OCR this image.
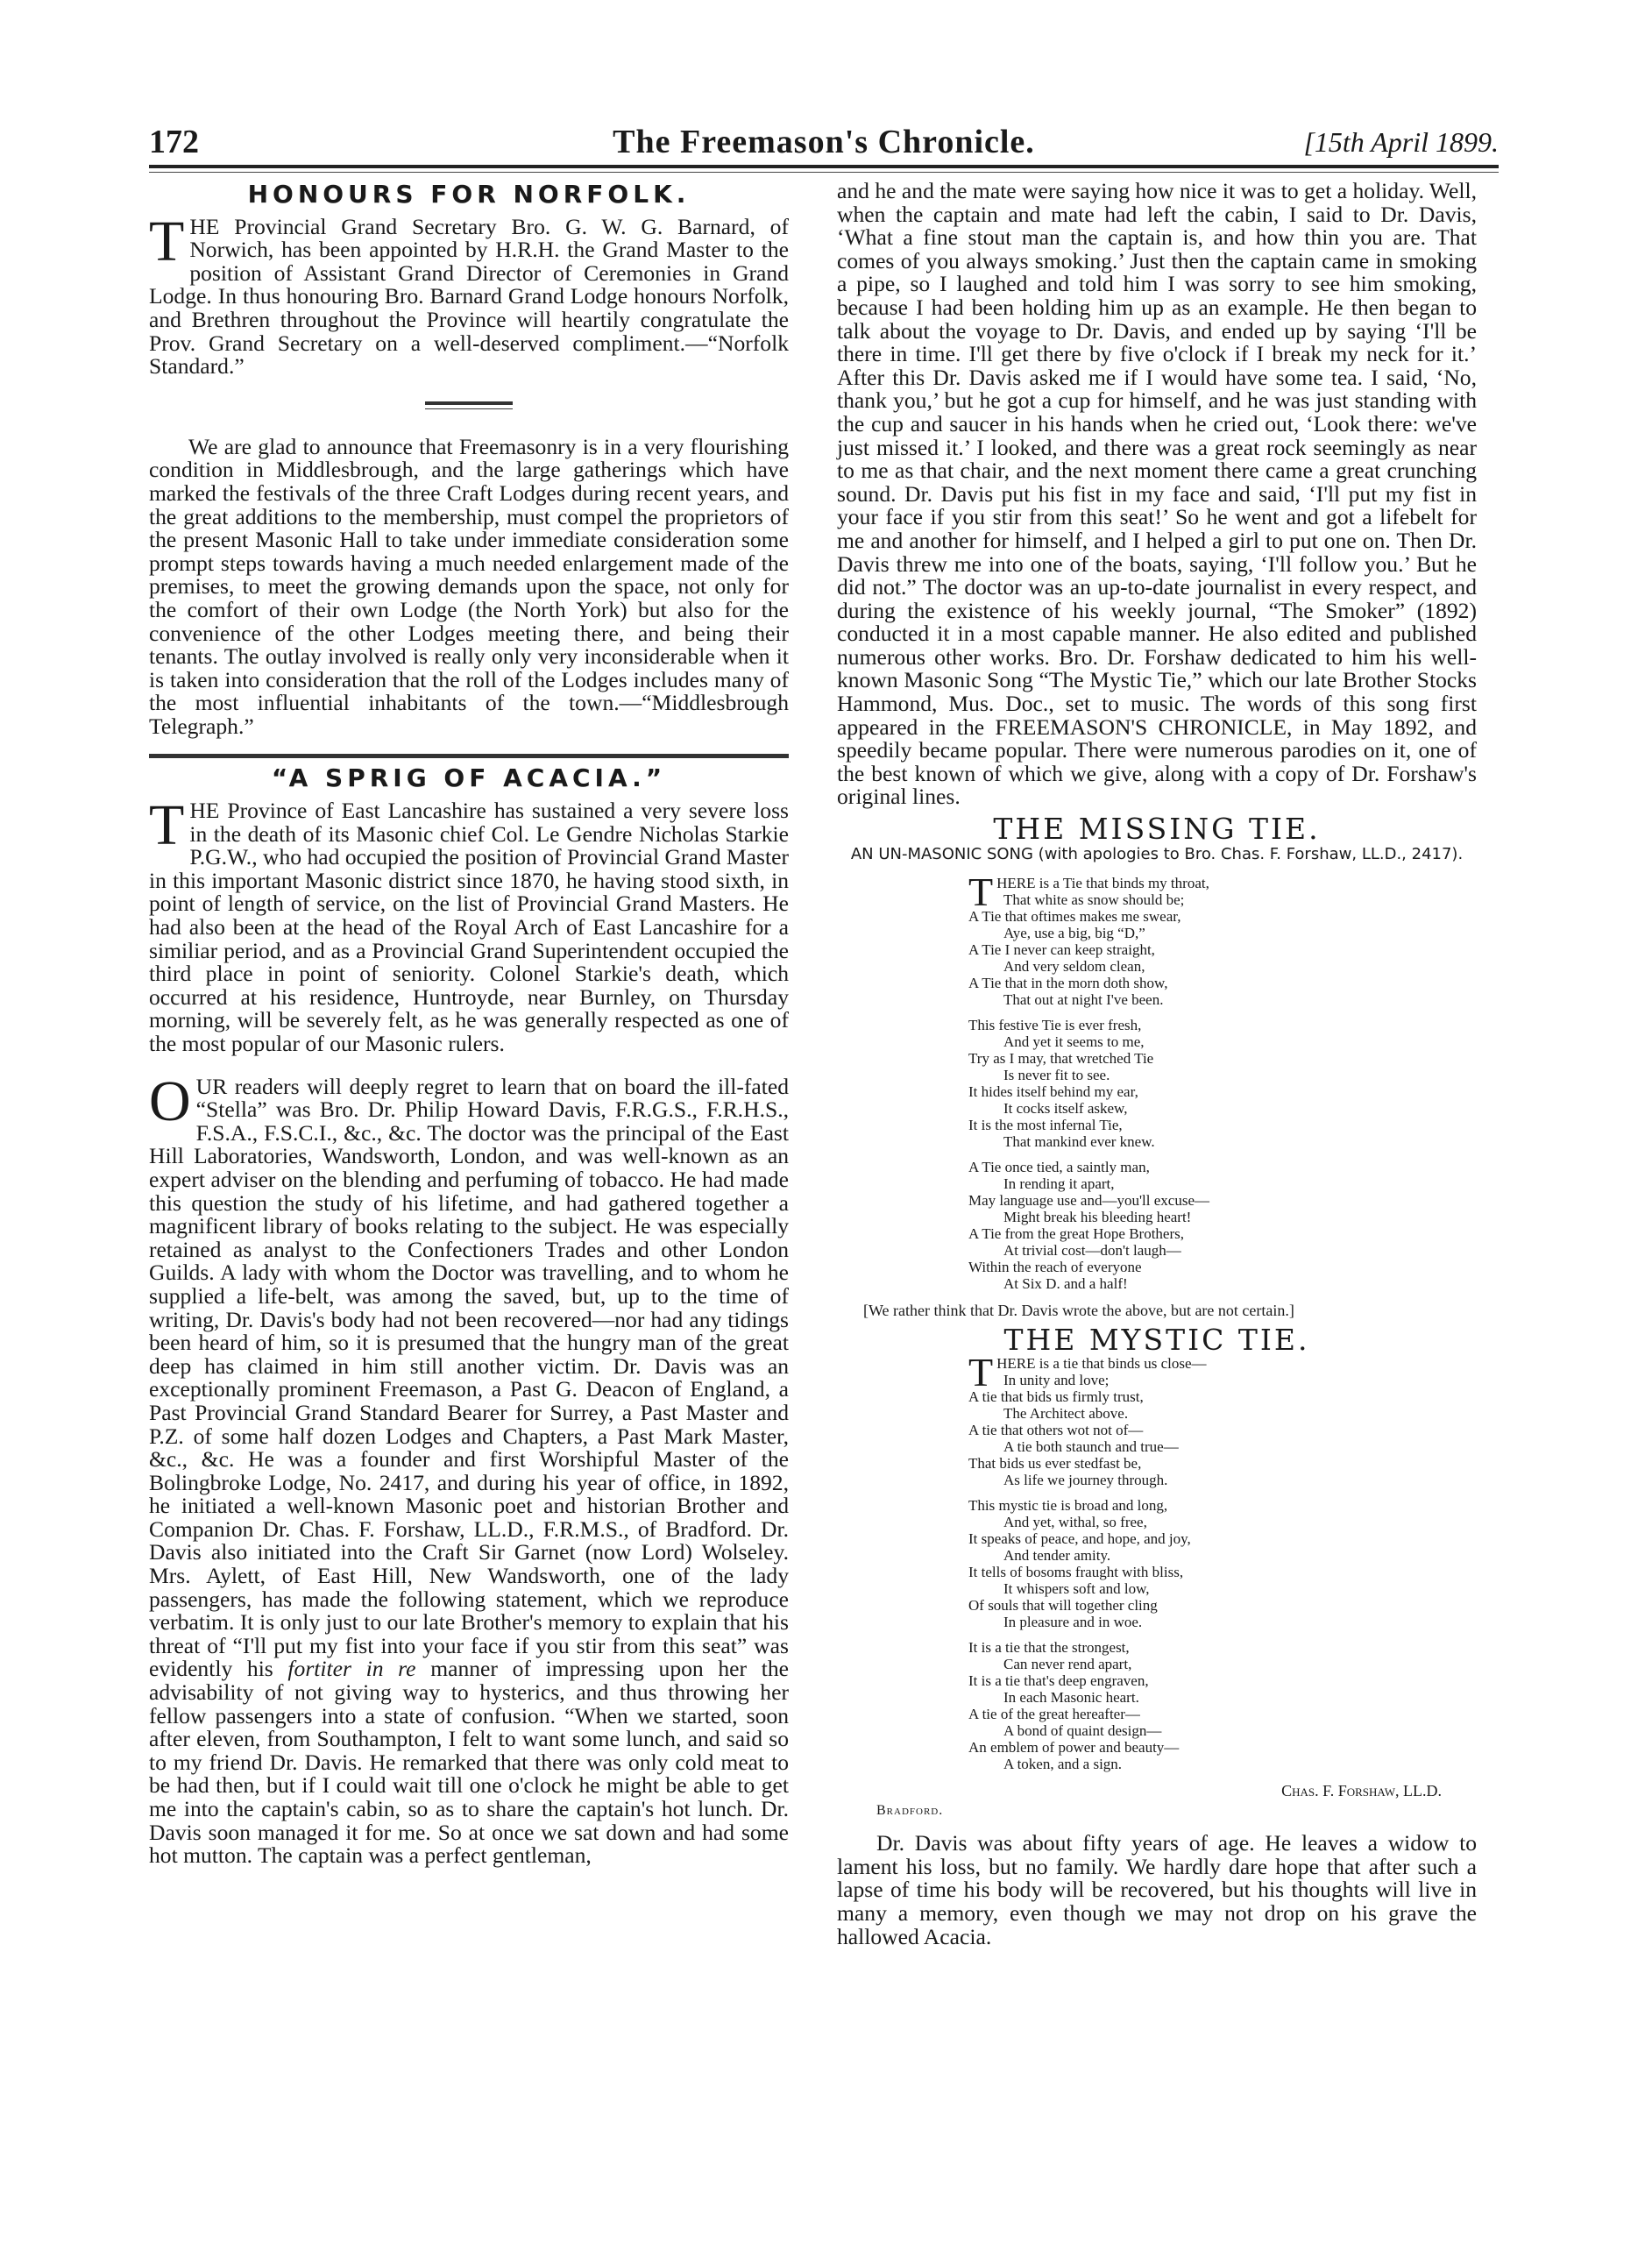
172	The Freemason's Chronicle.	[15th April 1899.
HONOURS FOR NORFOLK.

THE Provincial Grand Secretary Bro. G. W. G. Barnard, of Norwich, has been appointed by H.R.H. the Grand Master to the position of Assistant Grand Director of Ceremonies in Grand Lodge. In thus honouring Bro. Barnard Grand Lodge honours Norfolk, and Brethren throughout the Province will heartily congratulate the Prov. Grand Secretary on a well-deserved compliment.—“Norfolk Standard.”

We are glad to announce that Freemasonry is in a very flourishing condition in Middlesbrough, and the large gatherings which have marked the festivals of the three Craft Lodges during recent years, and the great additions to the membership, must compel the proprietors of the present Masonic Hall to take under immediate consideration some prompt steps towards having a much needed enlargement made of the premises, to meet the growing demands upon the space, not only for the comfort of their own Lodge (the North York) but also for the convenience of the other Lodges meeting there, and being their tenants. The outlay involved is really only very inconsiderable when it is taken into consideration that the roll of the Lodges includes many of the most influential inhabitants of the town.—“Middlesbrough Telegraph.”

“A SPRIG OF ACACIA.”

THE Province of East Lancashire has sustained a very severe loss in the death of its Masonic chief Col. Le Gendre Nicholas Starkie P.G.W., who had occupied the position of Provincial Grand Master in this important Masonic district since 1870, he having stood sixth, in point of length of service, on the list of Provincial Grand Masters. He had also been at the head of the Royal Arch of East Lancashire for a similiar period, and as a Provincial Grand Superintendent occupied the third place in point of seniority. Colonel Starkie's death, which occurred at his residence, Huntroyde, near Burnley, on Thursday morning, will be severely felt, as he was generally respected as one of the most popular of our Masonic rulers.

OUR readers will deeply regret to learn that on board the ill-fated “Stella” was Bro. Dr. Philip Howard Davis, F.R.G.S., F.R.H.S., F.S.A., F.S.C.I., &c., &c. The doctor was the principal of the East Hill Laboratories, Wandsworth, London, and was well-known as an expert adviser on the blending and perfuming of tobacco. He had made this question the study of his lifetime, and had gathered together a magnificent library of books relating to the subject. He was especially retained as analyst to the Confectioners Trades and other London Guilds. A lady with whom the Doctor was travelling, and to whom he supplied a life-belt, was among the saved, but, up to the time of writing, Dr. Davis's body had not been recovered—nor had any tidings been heard of him, so it is presumed that the hungry man of the great deep has claimed in him still another victim. Dr. Davis was an exceptionally prominent Freemason, a Past G. Deacon of England, a Past Provincial Grand Standard Bearer for Surrey, a Past Master and P.Z. of some half dozen Lodges and Chapters, a Past Mark Master, &c., &c. He was a founder and first Worshipful Master of the Bolingbroke Lodge, No. 2417, and during his year of office, in 1892, he initiated a well-known Masonic poet and historian Brother and Companion Dr. Chas. F. Forshaw, LL.D., F.R.M.S., of Bradford. Dr. Davis also initiated into the Craft Sir Garnet (now Lord) Wolseley. Mrs. Aylett, of East Hill, New Wandsworth, one of the lady passengers, has made the following statement, which we reproduce verbatim. It is only just to our late Brother's memory to explain that his threat of “I'll put my fist into your face if you stir from this seat” was evidently his fortiter in re manner of impressing upon her the advisability of not giving way to hysterics, and thus throwing her fellow passengers into a state of confusion. “When we started, soon after eleven, from Southampton, I felt to want some lunch, and said so to my friend Dr. Davis. He remarked that there was only cold meat to be had then, but if I could wait till one o'clock he might be able to get me into the captain's cabin, so as to share the captain's hot lunch. Dr. Davis soon managed it for me. So at once we sat down and had some hot mutton. The captain was a perfect gentleman,

and he and the mate were saying how nice it was to get a holiday. Well, when the captain and mate had left the cabin, I said to Dr. Davis, ‘What a fine stout man the captain is, and how thin you are. That comes of you always smoking.’ Just then the captain came in smoking a pipe, so I laughed and told him I was sorry to see him smoking, because I had been holding him up as an example. He then began to talk about the voyage to Dr. Davis, and ended up by saying ‘I'll be there in time. I'll get there by five o'clock if I break my neck for it.’ After this Dr. Davis asked me if I would have some tea. I said, ‘No, thank you,’ but he got a cup for himself, and he was just standing with the cup and saucer in his hands when he cried out, ‘Look there: we've just missed it.’ I looked, and there was a great rock seemingly as near to me as that chair, and the next moment there came a great crunching sound. Dr. Davis put his fist in my face and said, ‘I'll put my fist in your face if you stir from this seat!’ So he went and got a lifebelt for me and another for himself, and I helped a girl to put one on. Then Dr. Davis threw me into one of the boats, saying, ‘I'll follow you.’ But he did not.” The doctor was an up-to-date journalist in every respect, and during the existence of his weekly journal, “The Smoker” (1892) conducted it in a most capable manner. He also edited and published numerous other works. Bro. Dr. Forshaw dedicated to him his well-known Masonic Song “The Mystic Tie,” which our late Brother Stocks Hammond, Mus. Doc., set to music. The words of this song first appeared in the FREEMASON'S CHRONICLE, in May 1892, and speedily became popular. There were numerous parodies on it, one of the best known of which we give, along with a copy of Dr. Forshaw's original lines.

THE MISSING TIE.
AN UN-MASONIC SONG (with apologies to Bro. Chas. F. Forshaw, LL.D., 2417).
T HERE is a Tie that binds my throat,
That white as snow should be;
A Tie that oftimes makes me swear,
Aye, use a big, big “D,”
A Tie I never can keep straight,
And very seldom clean,
A Tie that in the morn doth show,
That out at night I've been.
This festive Tie is ever fresh,
And yet it seems to me,
Try as I may, that wretched Tie
Is never fit to see.
It hides itself behind my ear,
It cocks itself askew,
It is the most infernal Tie,
That mankind ever knew.
A Tie once tied, a saintly man,
In rending it apart,
May language use and—you'll excuse—
Might break his bleeding heart!
A Tie from the great Hope Brothers,
At trivial cost—don't laugh—
Within the reach of everyone
At Six D. and a half!
[We rather think that Dr. Davis wrote the above, but are not certain.]
THE MYSTIC TIE.
T HERE is a tie that binds us close—
In unity and love;
A tie that bids us firmly trust,
The Architect above.
A tie that others wot not of—
A tie both staunch and true—
That bids us ever stedfast be,
As life we journey through.
This mystic tie is broad and long,
And yet, withal, so free,
It speaks of peace, and hope, and joy,
And tender amity.
It tells of bosoms fraught with bliss,
It whispers soft and low,
Of souls that will together cling
In pleasure and in woe.
It is a tie that the strongest,
Can never rend apart,
It is a tie that's deep engraven,
In each Masonic heart.
A tie of the great hereafter—
A bond of quaint design—
An emblem of power and beauty—
A token, and a sign.
Chas. F. Forshaw, LL.D.
Bradford.

Dr. Davis was about fifty years of age. He leaves a widow to lament his loss, but no family. We hardly dare hope that after such a lapse of time his body will be recovered, but his thoughts will live in many a memory, even though we may not drop on his grave the hallowed Acacia.
